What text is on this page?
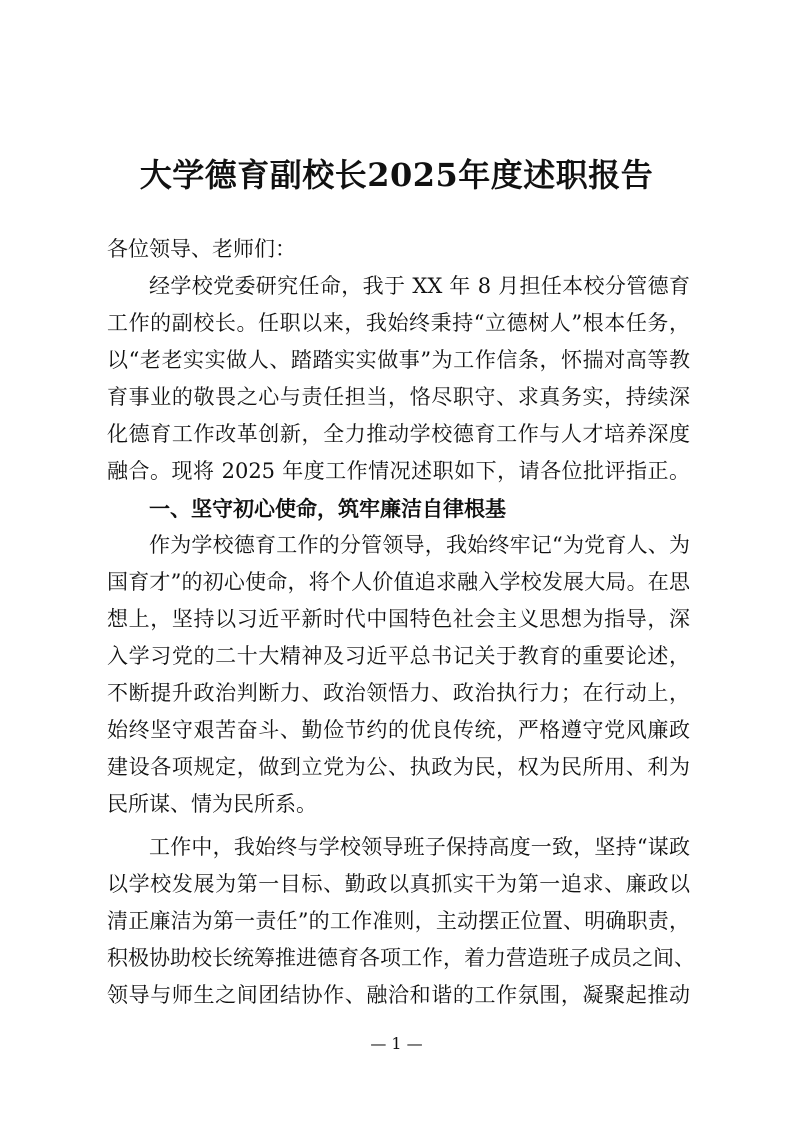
大学德育副校长2025年度述职报告
各位领导、老师们：
经学校党委研究任命，我于 XX 年 8 月担任本校分管德育
工作的副校长。任职以来，我始终秉持“立德树人”根本任务，
以“老老实实做人、踏踏实实做事”为工作信条，怀揣对高等教
育事业的敬畏之心与责任担当，恪尽职守、求真务实，持续深
化德育工作改革创新，全力推动学校德育工作与人才培养深度
融合。现将 2025 年度工作情况述职如下，请各位批评指正。
一、坚守初心使命，筑牢廉洁自律根基
作为学校德育工作的分管领导，我始终牢记“为党育人、为
国育才”的初心使命，将个人价值追求融入学校发展大局。在思
想上，坚持以习近平新时代中国特色社会主义思想为指导，深
入学习党的二十大精神及习近平总书记关于教育的重要论述，
不断提升政治判断力、政治领悟力、政治执行力；在行动上，
始终坚守艰苦奋斗、勤俭节约的优良传统，严格遵守党风廉政
建设各项规定，做到立党为公、执政为民，权为民所用、利为
民所谋、情为民所系。
工作中，我始终与学校领导班子保持高度一致，坚持“谋政
以学校发展为第一目标、勤政以真抓实干为第一追求、廉政以
清正廉洁为第一责任”的工作准则，主动摆正位置、明确职责，
积极协助校长统筹推进德育各项工作，着力营造班子成员之间、
领导与师生之间团结协作、融洽和谐的工作氛围，凝聚起推动
— 1 —
